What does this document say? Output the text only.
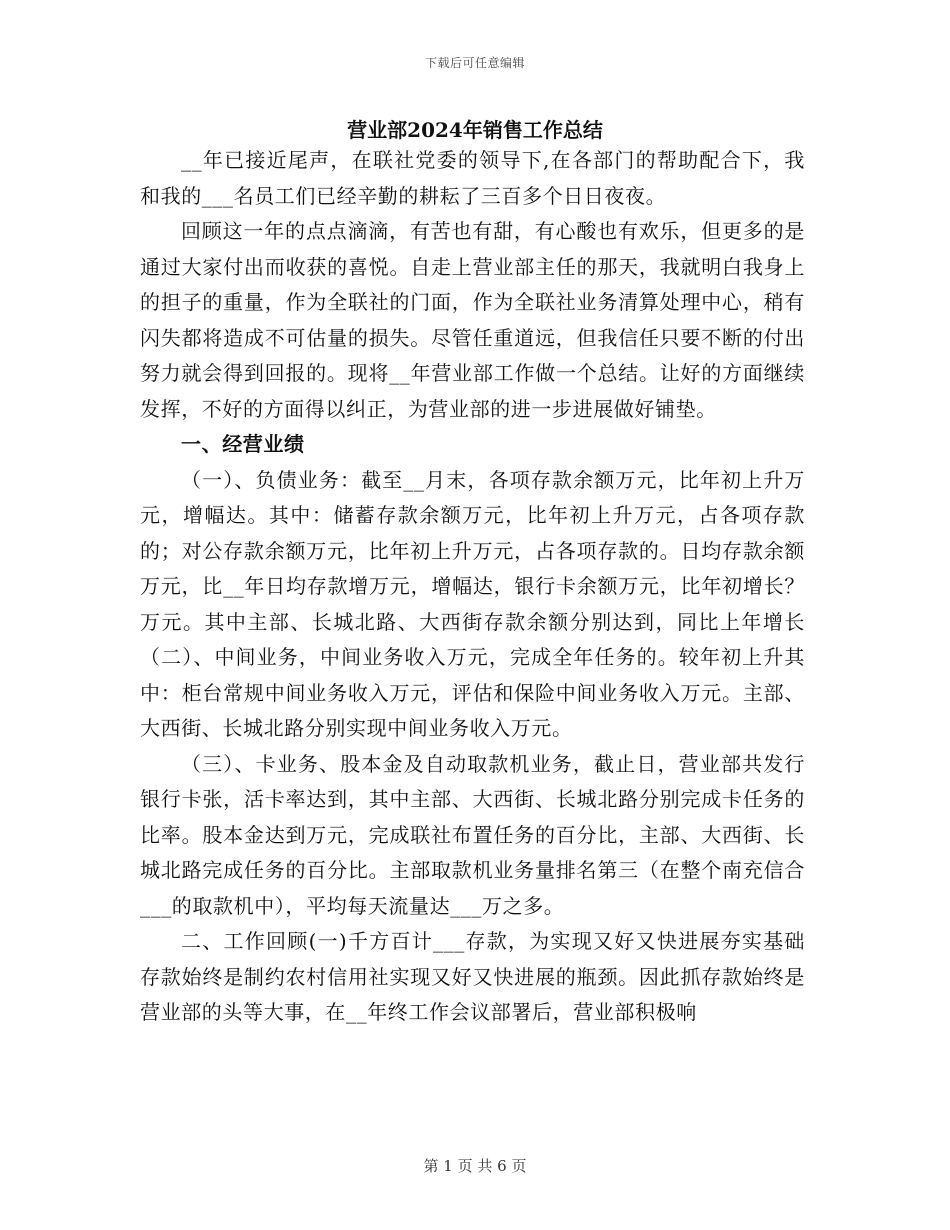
下载后可任意编辑
营业部2024年销售工作总结

__年已接近尾声，在联社党委的领导下,在各部门的帮助配合下，我和我的___名员工们已经辛勤的耕耘了三百多个日日夜夜。

回顾这一年的点点滴滴，有苦也有甜，有心酸也有欢乐，但更多的是通过大家付出而收获的喜悦。自走上营业部主任的那天，我就明白我身上的担子的重量，作为全联社的门面，作为全联社业务清算处理中心，稍有闪失都将造成不可估量的损失。尽管任重道远，但我信任只要不断的付出努力就会得到回报的。现将__年营业部工作做一个总结。让好的方面继续发挥，不好的方面得以纠正，为营业部的进一步进展做好铺垫。

一、经营业绩

（一）、负债业务：截至__月末，各项存款余额万元，比年初上升万元，增幅达。其中：储蓄存款余额万元，比年初上升万元，占各项存款的；对公存款余额万元，比年初上升万元，占各项存款的。日均存款余额万元，比__年日均存款增万元，增幅达，银行卡余额万元，比年初增长？万元。其中主部、长城北路、大西街存款余额分别达到，同比上年增长（二）、中间业务，中间业务收入万元，完成全年任务的。较年初上升其中：柜台常规中间业务收入万元，评估和保险中间业务收入万元。主部、大西街、长城北路分别实现中间业务收入万元。

（三）、卡业务、股本金及自动取款机业务，截止日，营业部共发行银行卡张，活卡率达到，其中主部、大西街、长城北路分别完成卡任务的比率。股本金达到万元，完成联社布置任务的百分比，主部、大西街、长城北路完成任务的百分比。主部取款机业务量排名第三（在整个南充信合___的取款机中），平均每天流量达___万之多。

二、工作回顾(一)千方百计___存款，为实现又好又快进展夯实基础存款始终是制约农村信用社实现又好又快进展的瓶颈。因此抓存款始终是营业部的头等大事，在__年终工作会议部署后，营业部积极响

第 1 页 共 6 页
